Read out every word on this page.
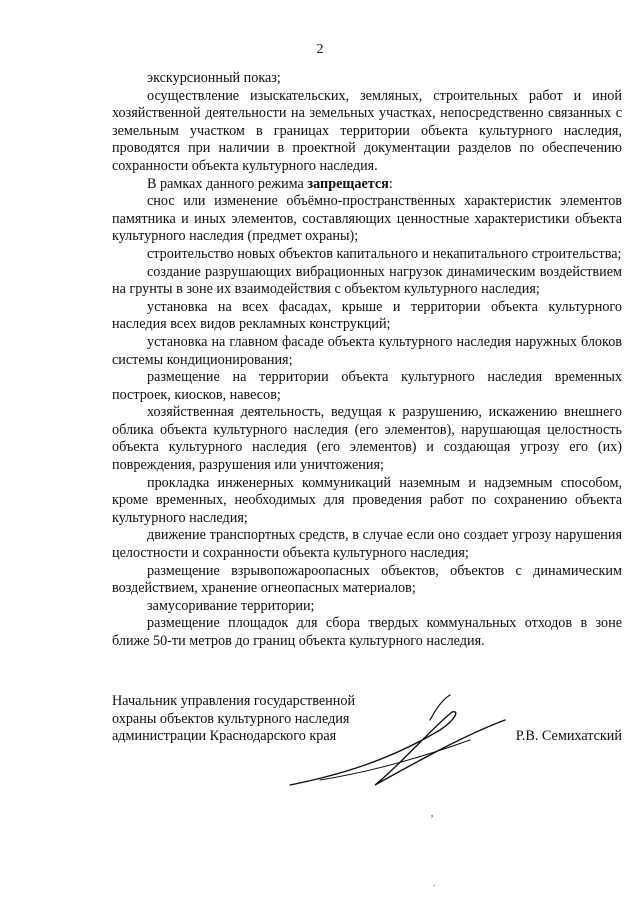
2

экскурсионный показ;

осуществление изыскательских, земляных, строительных работ и иной хозяйственной деятельности на земельных участках, непосредственно связанных с земельным участком в границах территории объекта культурного наследия, проводятся при наличии в проектной документации разделов по обеспечению сохранности объекта культурного наследия.

В рамках данного режима запрещается:

снос или изменение объёмно-пространственных характеристик элементов памятника и иных элементов, составляющих ценностные характеристики объекта культурного наследия (предмет охраны);

строительство новых объектов капитального и некапитального строительства;

создание разрушающих вибрационных нагрузок динамическим воздействием на грунты в зоне их взаимодействия с объектом культурного наследия;

установка на всех фасадах, крыше и территории объекта культурного наследия всех видов рекламных конструкций;

установка на главном фасаде объекта культурного наследия наружных блоков системы кондиционирования;

размещение на территории объекта культурного наследия временных построек, киосков, навесов;

хозяйственная деятельность, ведущая к разрушению, искажению внешнего облика объекта культурного наследия (его элементов), нарушающая целостность объекта культурного наследия (его элементов) и создающая угрозу его (их) повреждения, разрушения или уничтожения;

прокладка инженерных коммуникаций наземным и надземным способом, кроме временных, необходимых для проведения работ по сохранению объекта культурного наследия;

движение транспортных средств, в случае если оно создает угрозу нарушения целостности и сохранности объекта культурного наследия;

размещение взрывопожароопасных объектов, объектов с динамическим воздействием, хранение огнеопасных материалов;

замусоривание территории;

размещение площадок для сбора твердых коммунальных отходов в зоне ближе 50-ти метров до границ объекта культурного наследия.

Начальник управления государственной
охраны объектов культурного наследия
администрации Краснодарского края	Р.В. Семихатский
ʼ
·
